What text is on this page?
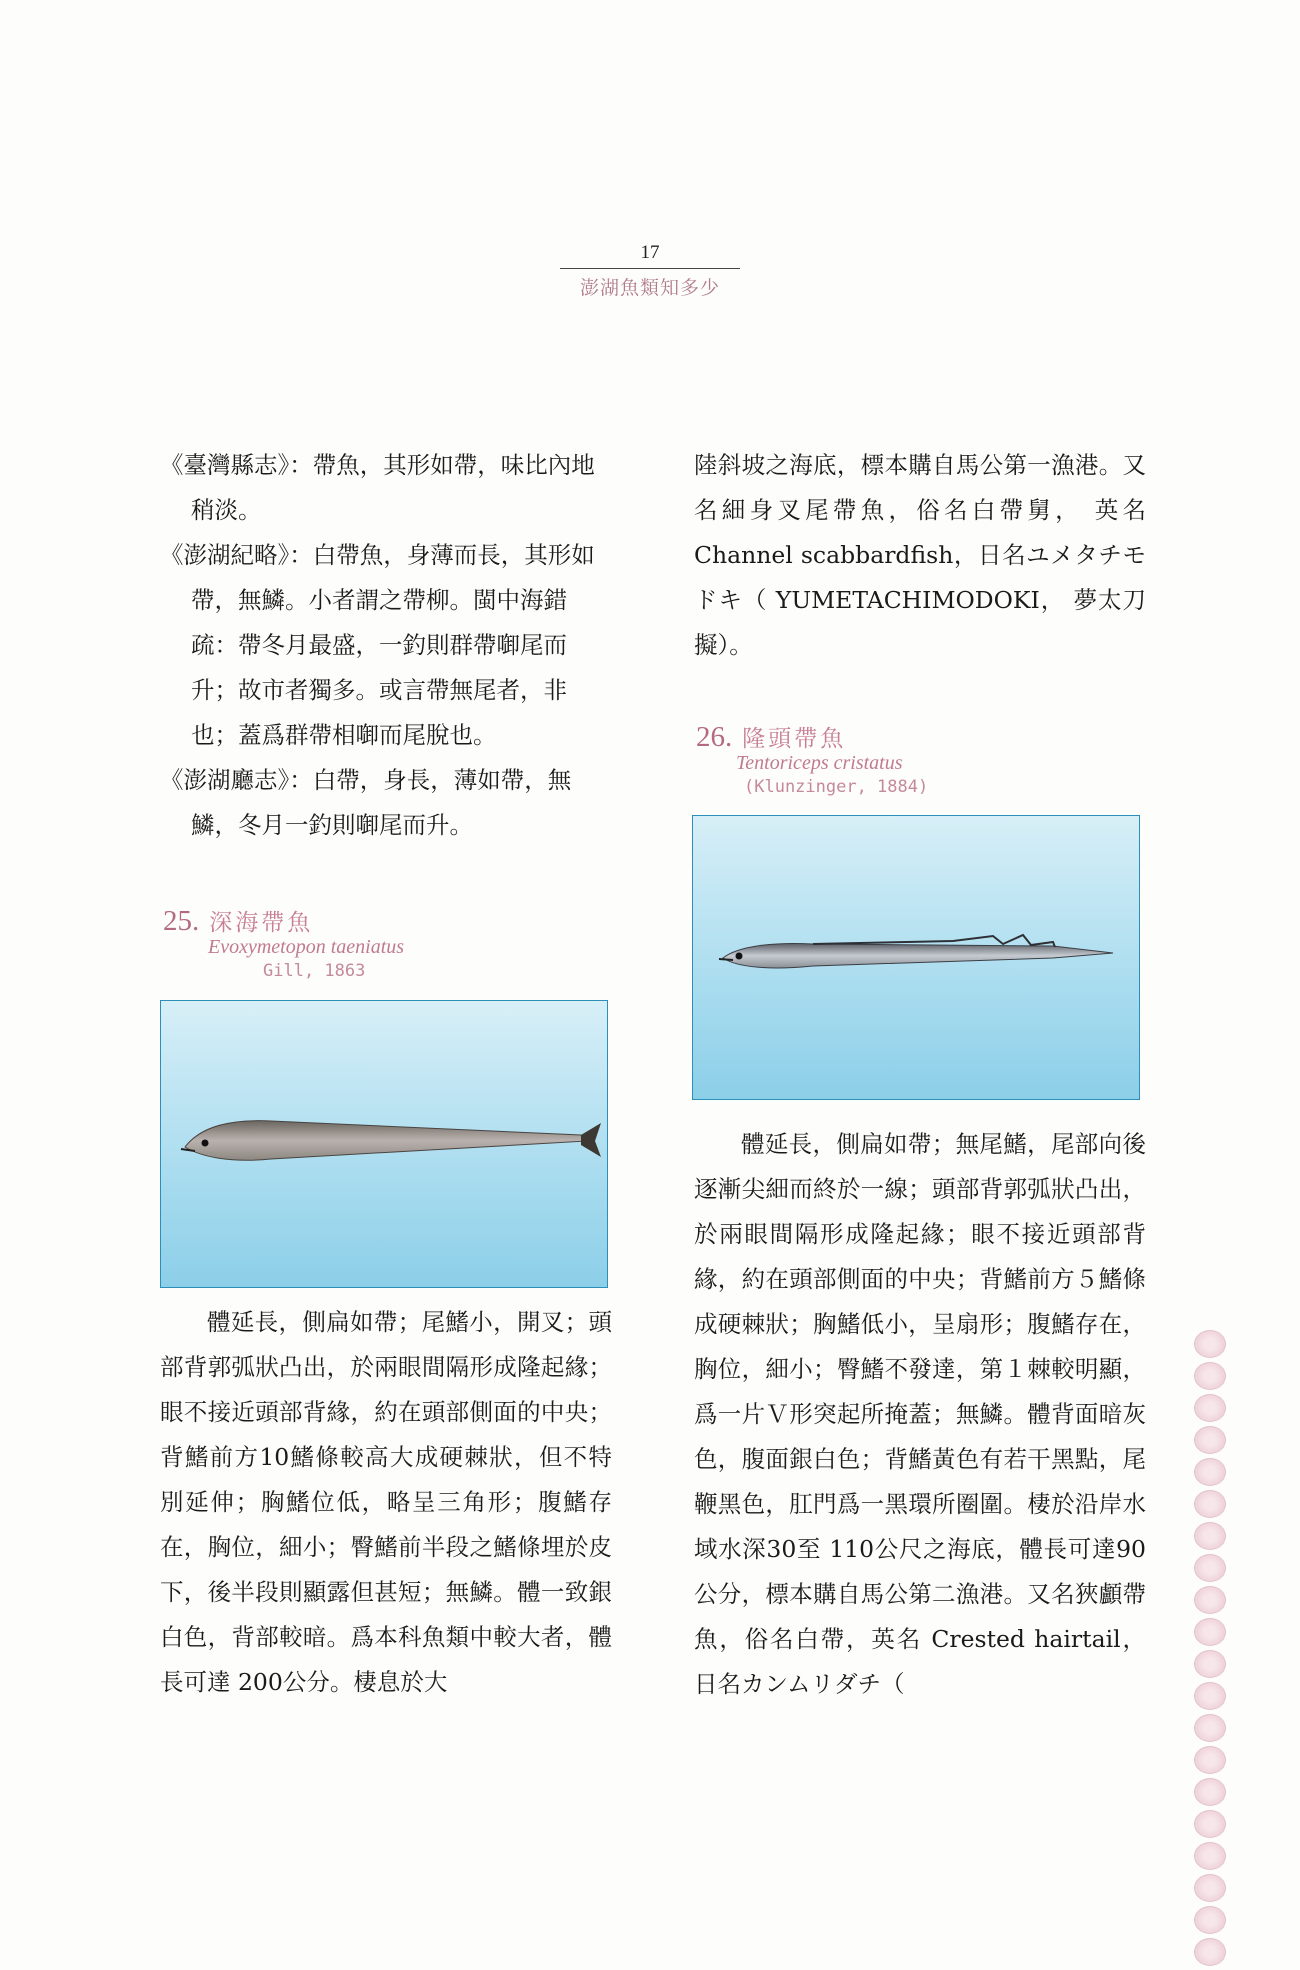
17
澎湖魚類知多少

《臺灣縣志》：帶魚，其形如帶，味比內地稍淡。

《澎湖紀略》：白帶魚，身薄而長，其形如帶，無鱗。小者謂之帶柳。閩中海錯疏：帶冬月最盛，一釣則群帶啣尾而升；故市者獨多。或言帶無尾者，非也；蓋爲群帶相啣而尾脫也。

《澎湖廳志》：白帶，身長，薄如帶，無鱗，冬月一釣則啣尾而升。

25. 深海帶魚
Evoxymetopon taeniatus
Gill, 1863

體延長，側扁如帶；尾鰭小，開叉；頭部背郭弧狀凸出，於兩眼間隔形成隆起緣；眼不接近頭部背緣，約在頭部側面的中央；背鰭前方10鰭條較高大成硬棘狀，但不特別延伸；胸鰭位低，略呈三角形；腹鰭存在，胸位，細小；臀鰭前半段之鰭條埋於皮下，後半段則顯露但甚短；無鱗。體一致銀白色，背部較暗。爲本科魚類中較大者，體長可達 200公分。棲息於大

陸斜坡之海底，標本購自馬公第一漁港。又名細身叉尾帶魚，俗名白帶舅， 英名 Channel scabbardfish，日名ユメタチモドキ（ YUMETACHIMODOKI， 夢太刀擬）。

26. 隆頭帶魚
Tentoriceps cristatus
(Klunzinger, 1884)

體延長，側扁如帶；無尾鰭，尾部向後逐漸尖細而終於一線；頭部背郭弧狀凸出，於兩眼間隔形成隆起緣；眼不接近頭部背緣，約在頭部側面的中央；背鰭前方５鰭條成硬棘狀；胸鰭低小，呈扇形；腹鰭存在，胸位，細小；臀鰭不發達，第１棘較明顯，爲一片Ｖ形突起所掩蓋；無鱗。體背面暗灰色，腹面銀白色；背鰭黃色有若干黑點，尾鞭黑色，肛門爲一黑環所圈圍。棲於沿岸水域水深30至 110公尺之海底，體長可達90公分，標本購自馬公第二漁港。又名狹顱帶魚，俗名白帶，英名 Crested hairtail，日名カンムリダチ（
